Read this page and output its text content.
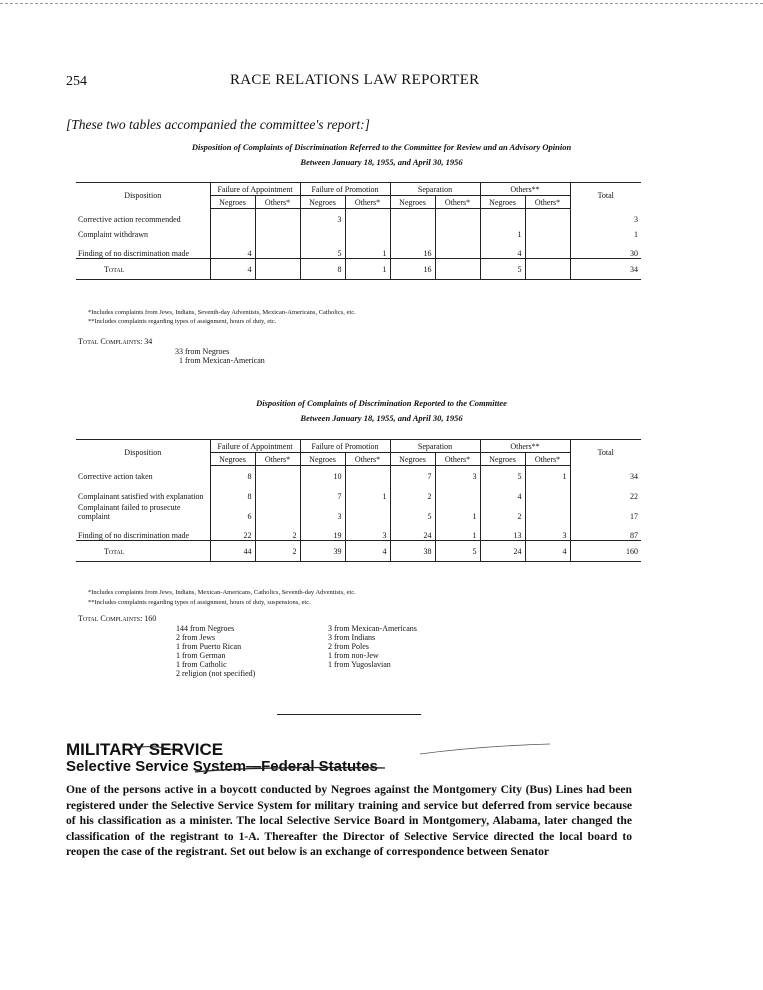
254	RACE RELATIONS LAW REPORTER
[These two tables accompanied the committee's report:]
Disposition of Complaints of Discrimination Referred to the Committee for Review and an Advisory Opinion
Between January 18, 1955, and April 30, 1956
Disposition	Failure of Appointment		Failure of Promotion		Separation		Others**		Total
	Negroes	Others*	Negroes	Others*	Negroes	Others*	Negroes	Others*	
Corrective action recommended			3						3
Complaint withdrawn							1		1
Finding of no discrimination made	4		5	1	16		4		30
Total	4		8	1	16		5		34
*Includes complaints from Jews, Indians, Seventh-day Adventists, Mexican-Americans, Catholics, etc.
**Includes complaints regarding types of assignment, hours of duty, etc.
Total Complaints: 34
33 from Negroes
1 from Mexican-American
Disposition of Complaints of Discrimination Reported to the Committee
Between January 18, 1955, and April 30, 1956
Disposition	Failure of Appointment		Failure of Promotion		Separation		Others**		Total
	Negroes	Others*	Negroes	Others*	Negroes	Others*	Negroes	Others*	
Corrective action taken	8		10		7	3	5	1	34
Complainant satisfied with explanation	8		7	1	2		4		22
Complainant failed to prosecute complaint	6		3		5	1	2		17
Finding of no discrimination made	22	2	19	3	24	1	13	3	87
Total	44	2	39	4	38	5	24	4	160
*Includes complaints from Jews, Indians, Mexican-Americans, Catholics, Seventh-day Adventists, etc.
**Includes complaints regarding types of assignment, hours of duty, suspensions, etc.
Total Complaints: 160
144 from Negroes
2 from Jews
1 from Puerto Rican
1 from German
1 from Catholic
2 religion (not specified)
3 from Mexican-Americans
3 from Indians
2 from Poles
1 from non-Jew
1 from Yugoslavian
MILITARY SERVICE
Selective Service System—Federal Statutes
One of the persons active in a boycott conducted by Negroes against the Montgomery City (Bus) Lines had been registered under the Selective Service System for military training and service but deferred from service because of his classification as a minister. The local Selective Service Board in Montgomery, Alabama, later changed the classification of the registrant to 1-A. Thereafter the Director of Selective Service directed the local board to reopen the case of the registrant. Set out below is an exchange of correspondence between Senator
